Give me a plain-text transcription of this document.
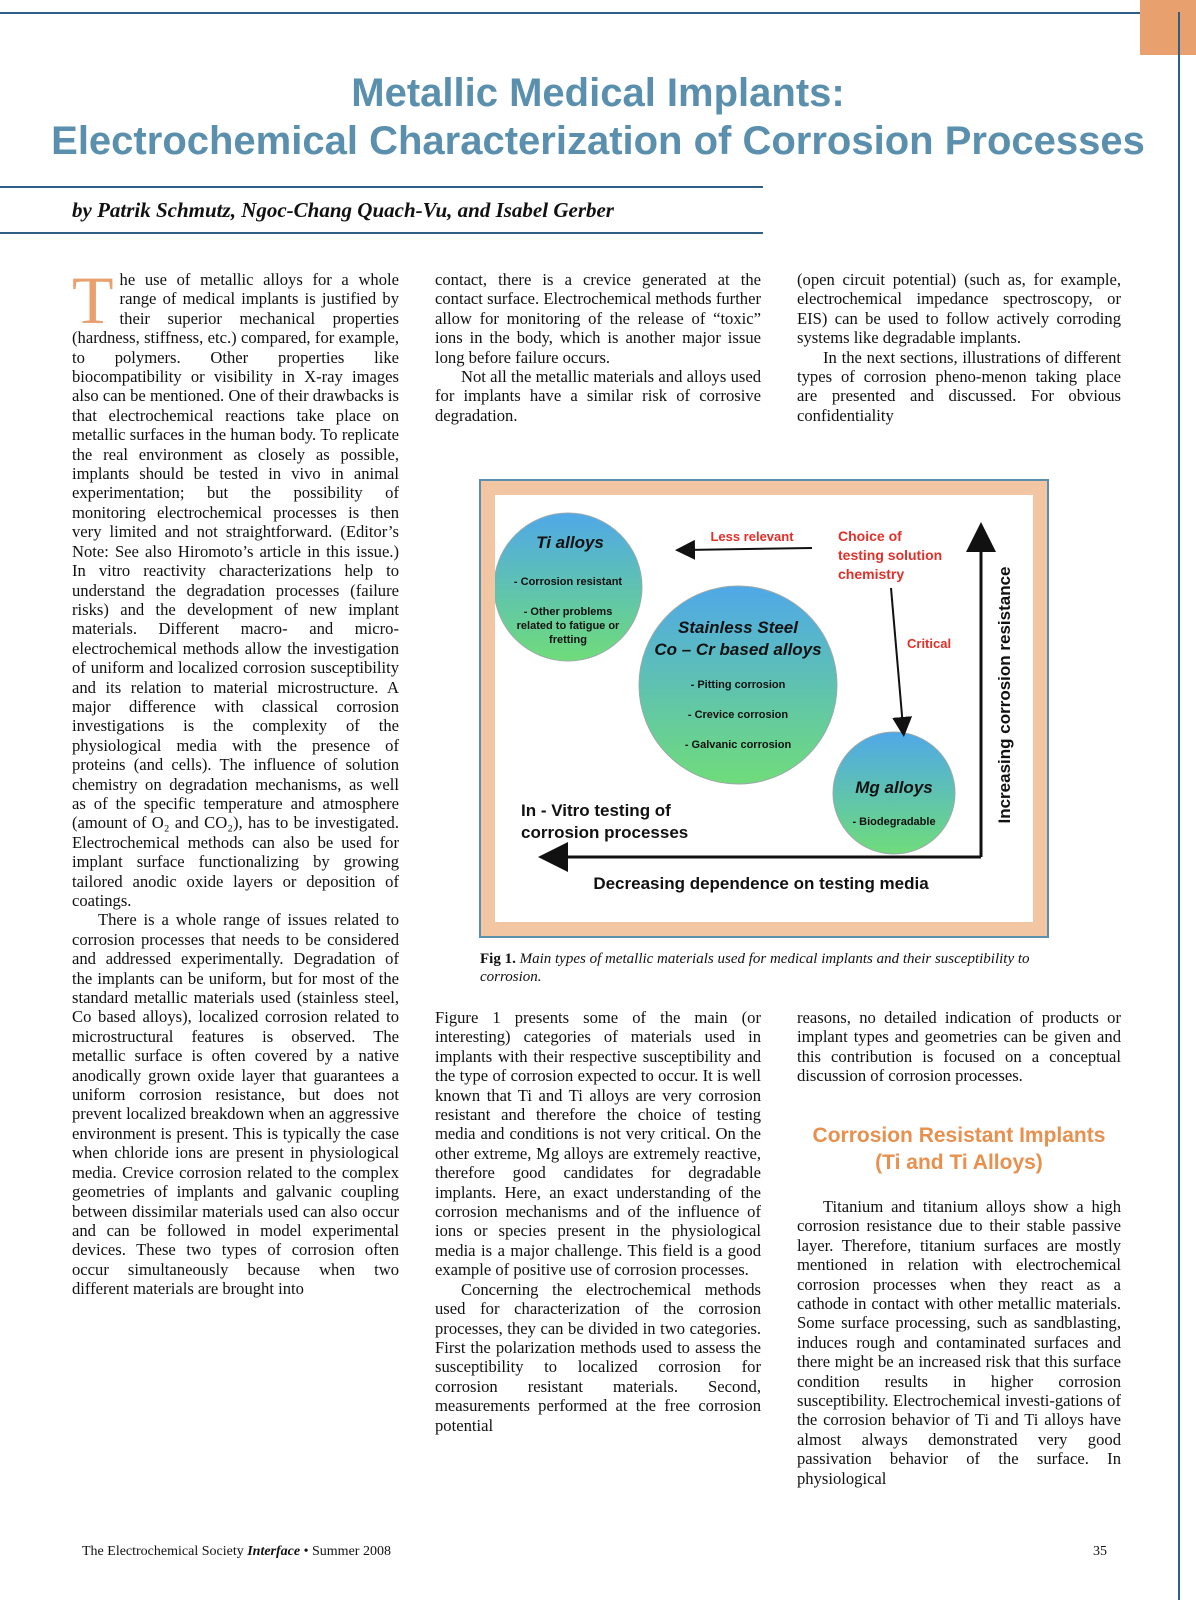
Metallic Medical Implants:
Electrochemical Characterization of Corrosion Processes
by Patrik Schmutz, Ngoc-Chang Quach-Vu, and Isabel Gerber

The use of metallic alloys for a whole range of medical implants is justified by their superior mechanical properties (hardness, stiffness, etc.) compared, for example, to polymers. Other properties like biocompatibility or visibility in X-ray images also can be mentioned. One of their drawbacks is that electrochemical reactions take place on metallic surfaces in the human body. To replicate the real environment as closely as possible, implants should be tested in vivo in animal experimentation; but the possibility of monitoring electrochemical processes is then very limited and not straightforward. (Editor’s Note: See also Hiromoto’s article in this issue.) In vitro reactivity characterizations help to understand the degradation processes (failure risks) and the development of new implant materials. Different macro- and micro-electrochemical methods allow the investigation of uniform and localized corrosion susceptibility and its relation to material microstructure. A major difference with classical corrosion investigations is the complexity of the physiological media with the presence of proteins (and cells). The influence of solution chemistry on degradation mechanisms, as well as of the specific temperature and atmosphere (amount of O₂ and CO₂), has to be investigated. Electrochemical methods can also be used for implant surface functionalizing by growing tailored anodic oxide layers or deposition of coatings.

There is a whole range of issues related to corrosion processes that needs to be considered and addressed experimentally. Degradation of the implants can be uniform, but for most of the standard metallic materials used (stainless steel, Co based alloys), localized corrosion related to microstructural features is observed. The metallic surface is often covered by a native anodically grown oxide layer that guarantees a uniform corrosion resistance, but does not prevent localized breakdown when an aggressive environment is present. This is typically the case when chloride ions are present in physiological media. Crevice corrosion related to the complex geometries of implants and galvanic coupling between dissimilar materials used can also occur and can be followed in model experimental devices. These two types of corrosion often occur simultaneously because when two different materials are brought into

contact, there is a crevice generated at the contact surface. Electrochemical methods further allow for monitoring of the release of “toxic” ions in the body, which is another major issue long before failure occurs.

Not all the metallic materials and alloys used for implants have a similar risk of corrosive degradation.

(open circuit potential) (such as, for example, electrochemical impedance spectroscopy, or EIS) can be used to follow actively corroding systems like degradable implants.

In the next sections, illustrations of different types of corrosion pheno-menon taking place are presented and discussed. For obvious confidentiality

Ti alloys
- Corrosion resistant
- Other problems
related to fatigue or
fretting
Stainless Steel
Co – Cr based alloys
- Pitting corrosion
- Crevice corrosion
- Galvanic corrosion
Mg alloys
- Biodegradable
Less relevant	Choice of
testing solution
chemistry
Critical
In - Vitro testing of
corrosion processes
Decreasing dependence on testing media
Increasing corrosion resistance
Fig 1. Main types of metallic materials used for medical implants and their susceptibility to corrosion.

Figure 1 presents some of the main (or interesting) categories of materials used in implants with their respective susceptibility and the type of corrosion expected to occur. It is well known that Ti and Ti alloys are very corrosion resistant and therefore the choice of testing media and conditions is not very critical. On the other extreme, Mg alloys are extremely reactive, therefore good candidates for degradable implants. Here, an exact understanding of the corrosion mechanisms and of the influence of ions or species present in the physiological media is a major challenge. This field is a good example of positive use of corrosion processes.

Concerning the electrochemical methods used for characterization of the corrosion processes, they can be divided in two categories. First the polarization methods used to assess the susceptibility to localized corrosion for corrosion resistant materials. Second, measurements performed at the free corrosion potential

reasons, no detailed indication of products or implant types and geometries can be given and this contribution is focused on a conceptual discussion of corrosion processes.

Corrosion Resistant Implants
(Ti and Ti Alloys)

Titanium and titanium alloys show a high corrosion resistance due to their stable passive layer. Therefore, titanium surfaces are mostly mentioned in relation with electrochemical corrosion processes when they react as a cathode in contact with other metallic materials. Some surface processing, such as sandblasting, induces rough and contaminated surfaces and there might be an increased risk that this surface condition results in higher corrosion susceptibility. Electrochemical investi-gations of the corrosion behavior of Ti and Ti alloys have almost always demonstrated very good passivation behavior of the surface. In physiological

The Electrochemical Society Interface • Summer 2008	35
